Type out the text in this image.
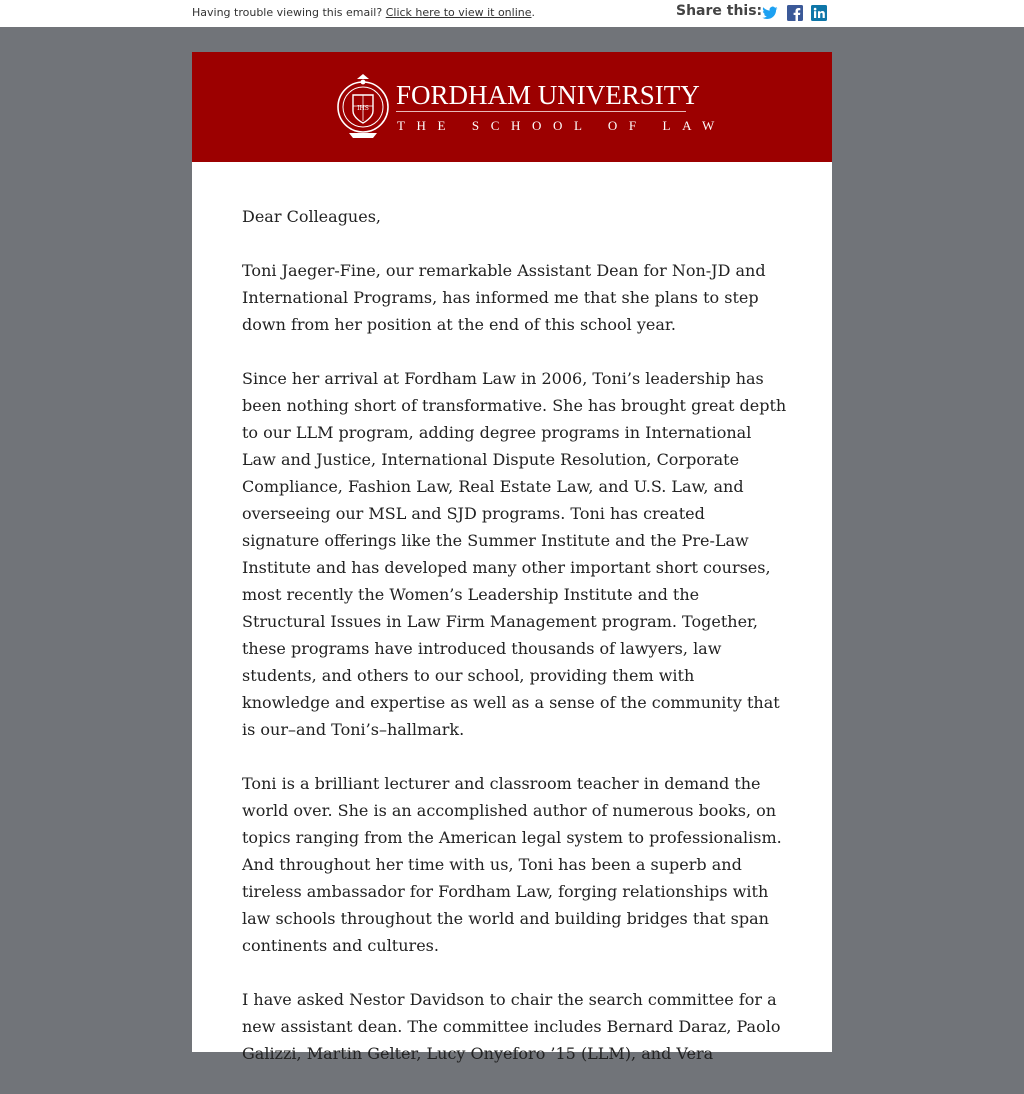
Having trouble viewing this email? Click here to view it online.	Share this:
IHS FORDHAM UNIVERSITY
THE SCHOOL OF LAW

Dear Colleagues,

Toni Jaeger-Fine, our remarkable Assistant Dean for Non-JD and International Programs, has informed me that she plans to step down from her position at the end of this school year.

Since her arrival at Fordham Law in 2006, Toni’s leadership has been nothing short of transformative. She has brought great depth to our LLM program, adding degree programs in International Law and Justice, International Dispute Resolution, Corporate Compliance, Fashion Law, Real Estate Law, and U.S. Law, and overseeing our MSL and SJD programs. Toni has created signature offerings like the Summer Institute and the Pre-Law Institute and has developed many other important short courses, most recently the Women’s Leadership Institute and the Structural Issues in Law Firm Management program. Together, these programs have introduced thousands of lawyers, law students, and others to our school, providing them with knowledge and expertise as well as a sense of the community that is our–and Toni’s–hallmark.

Toni is a brilliant lecturer and classroom teacher in demand the world over. She is an accomplished author of numerous books, on topics ranging from the American legal system to professionalism. And throughout her time with us, Toni has been a superb and tireless ambassador for Fordham Law, forging relationships with law schools throughout the world and building bridges that span continents and cultures.

I have asked Nestor Davidson to chair the search committee for a new assistant dean. The committee includes Bernard Daraz, Paolo Galizzi, Martin Gelter, Lucy Onyeforo ’15 (LLM), and Vera
